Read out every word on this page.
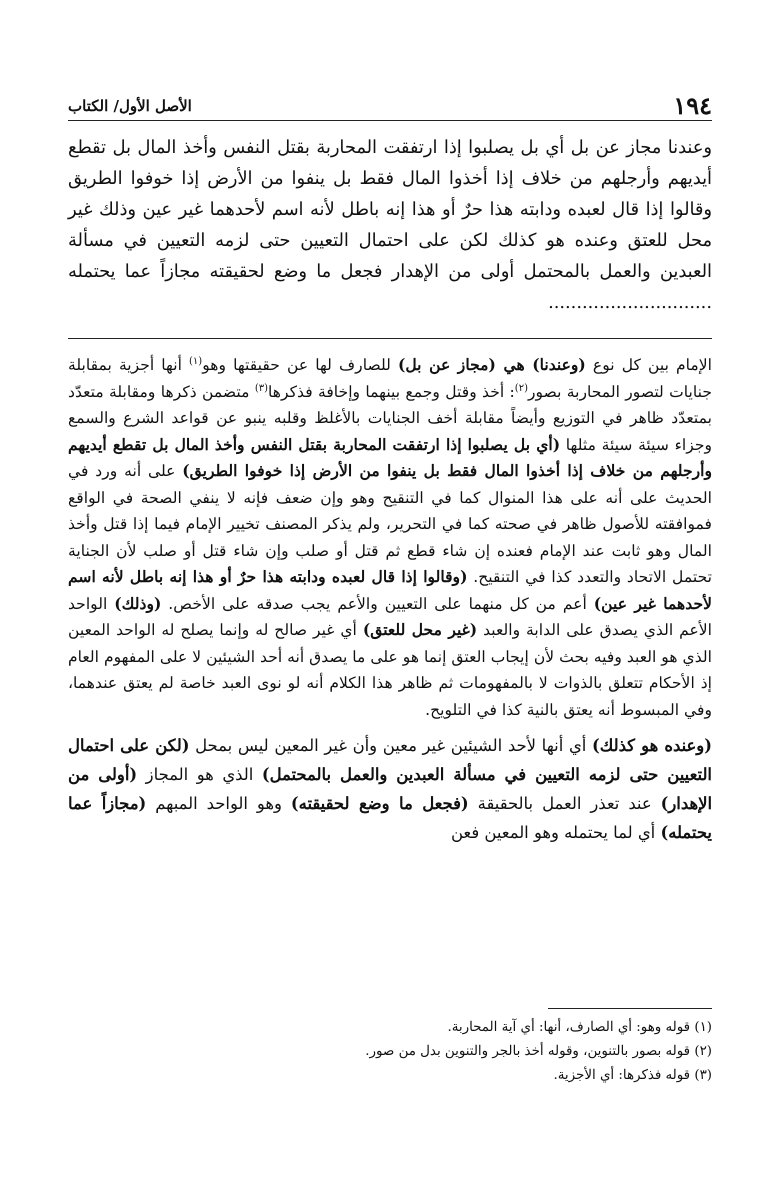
١٩٤
الأصل الأول/ الكتاب

وعندنا مجاز عن بل أي بل يصلبوا إذا ارتفقت المحاربة بقتل النفس وأخذ المال بل تقطع أيديهم وأرجلهم من خلاف إذا أخذوا المال فقط بل ينفوا من الأرض إذا خوفوا الطريق وقالوا إذا قال لعبده ودابته هذا حرٌ أو هذا إنه باطل لأنه اسم لأحدهما غير عين وذلك غير محل للعتق وعنده هو كذلك لكن على احتمال التعيين حتى لزمه التعيين في مسألة العبدين والعمل بالمحتمل أولى من الإهدار فجعل ما وضع لحقيقته مجازاً عما يحتمله .............................

الإمام بين كل نوع (وعندنا) هي (مجاز عن بل) للصارف لها عن حقيقتها وهو$^{(١)}$ أنها أجزية بمقابلة جنايات لتصور المحاربة بصور$^{(٢)}$: أخذ وقتل وجمع بينهما وإخافة فذكرها$^{(٣)}$ متضمن ذكرها ومقابلة متعدّد بمتعدّد ظاهر في التوزيع وأيضاً مقابلة أخف الجنايات بالأغلظ وقلبه ينبو عن قواعد الشرع والسمع وجزاء سيئة سيئة مثلها (أي بل يصلبوا إذا ارتفقت المحاربة بقتل النفس وأخذ المال بل تقطع أيديهم وأرجلهم من خلاف إذا أخذوا المال فقط بل ينفوا من الأرض إذا خوفوا الطريق) على أنه ورد في الحديث على أنه على هذا المنوال كما في التنقيح وهو وإن ضعف فإنه لا ينفي الصحة في الواقع فموافقته للأصول ظاهر في صحته كما في التحرير، ولم يذكر المصنف تخيير الإمام فيما إذا قتل وأخذ المال وهو ثابت عند الإمام فعنده إن شاء قطع ثم قتل أو صلب وإن شاء قتل أو صلب لأن الجناية تحتمل الاتحاد والتعدد كذا في التنقيح. (وقالوا إذا قال لعبده ودابته هذا حرٌ أو هذا إنه باطل لأنه اسم لأحدهما غير عين) أعم من كل منهما على التعيين والأعم يجب صدقه على الأخص. (وذلك) الواحد الأعم الذي يصدق على الدابة والعبد (غير محل للعتق) أي غير صالح له وإنما يصلح له الواحد المعين الذي هو العبد وفيه بحث لأن إيجاب العتق إنما هو على ما يصدق أنه أحد الشيئين لا على المفهوم العام إذ الأحكام تتعلق بالذوات لا بالمفهومات ثم ظاهر هذا الكلام أنه لو نوى العبد خاصة لم يعتق عندهما، وفي المبسوط أنه يعتق بالنية كذا في التلويح.

(وعنده هو كذلك) أي أنها لأحد الشيئين غير معين وأن غير المعين ليس بمحل (لكن على احتمال التعيين حتى لزمه التعيين في مسألة العبدين والعمل بالمحتمل) الذي هو المجاز (أولى من الإهدار) عند تعذر العمل بالحقيقة (فجعل ما وضع لحقيقته) وهو الواحد المبهم (مجازاً عما يحتمله) أي لما يحتمله وهو المعين فعن

(١) قوله وهو: أي الصارف، أنها: أي آية المحاربة.
(٢) قوله بصور بالتنوين، وقوله أخذ بالجر والتنوين بدل من صور.
(٣) قوله فذكرها: أي الأجزية.
